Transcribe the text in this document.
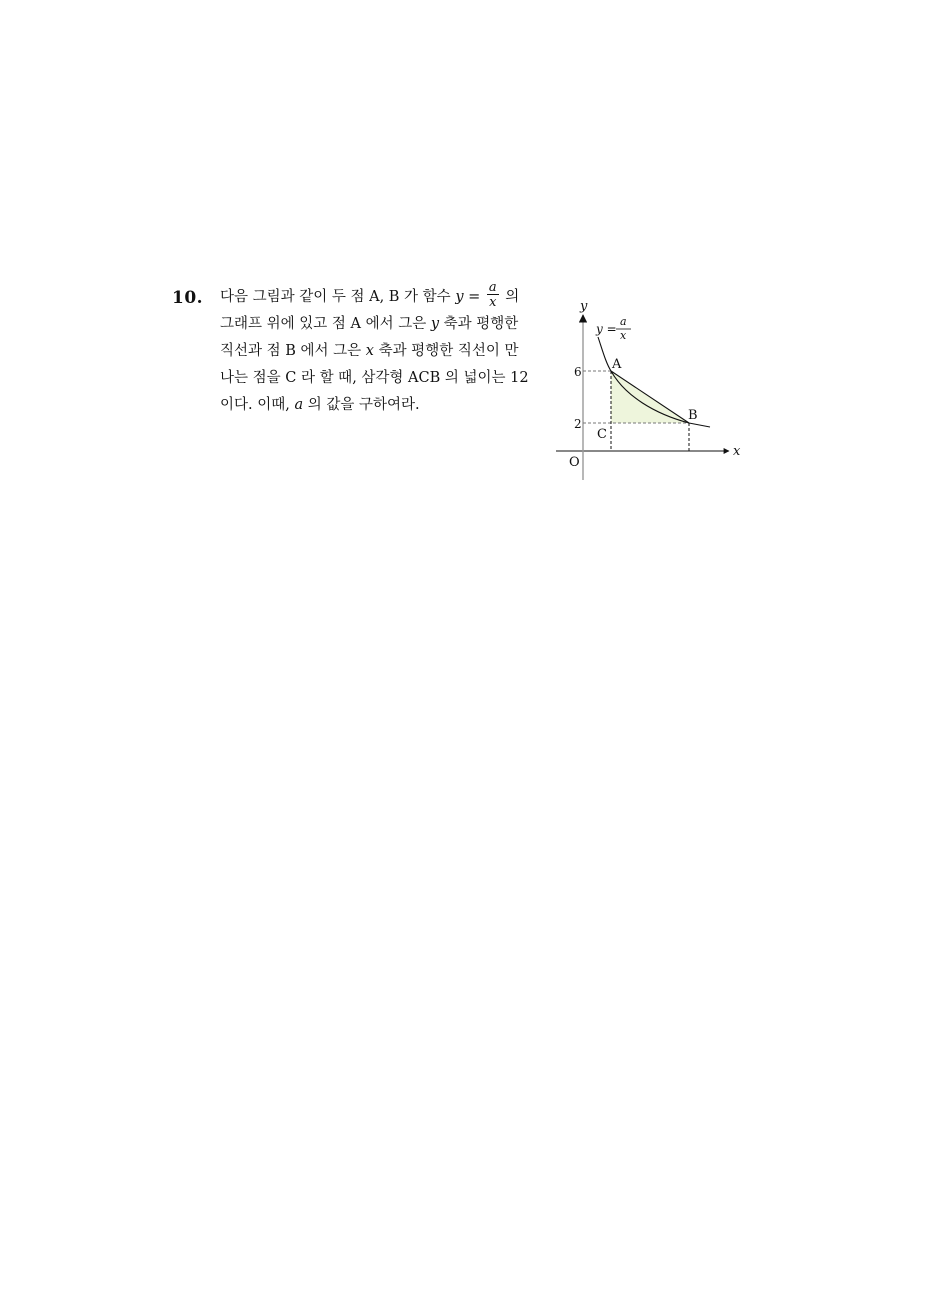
10. 다음 그림과 같이 두 점 A, B 가 함수 $y = \frac{a}{x}$ 의
그래프 위에 있고 점 A 에서 그은 y 축과 평행한
직선과 점 B 에서 그은 x 축과 평행한 직선이 만
나는 점을 C 라 할 때, 삼각형 ACB 의 넓이는 12
이다. 이때, a 의 값을 구하여라.
y
x
O
6
2
A
B
C
y =
a
x
